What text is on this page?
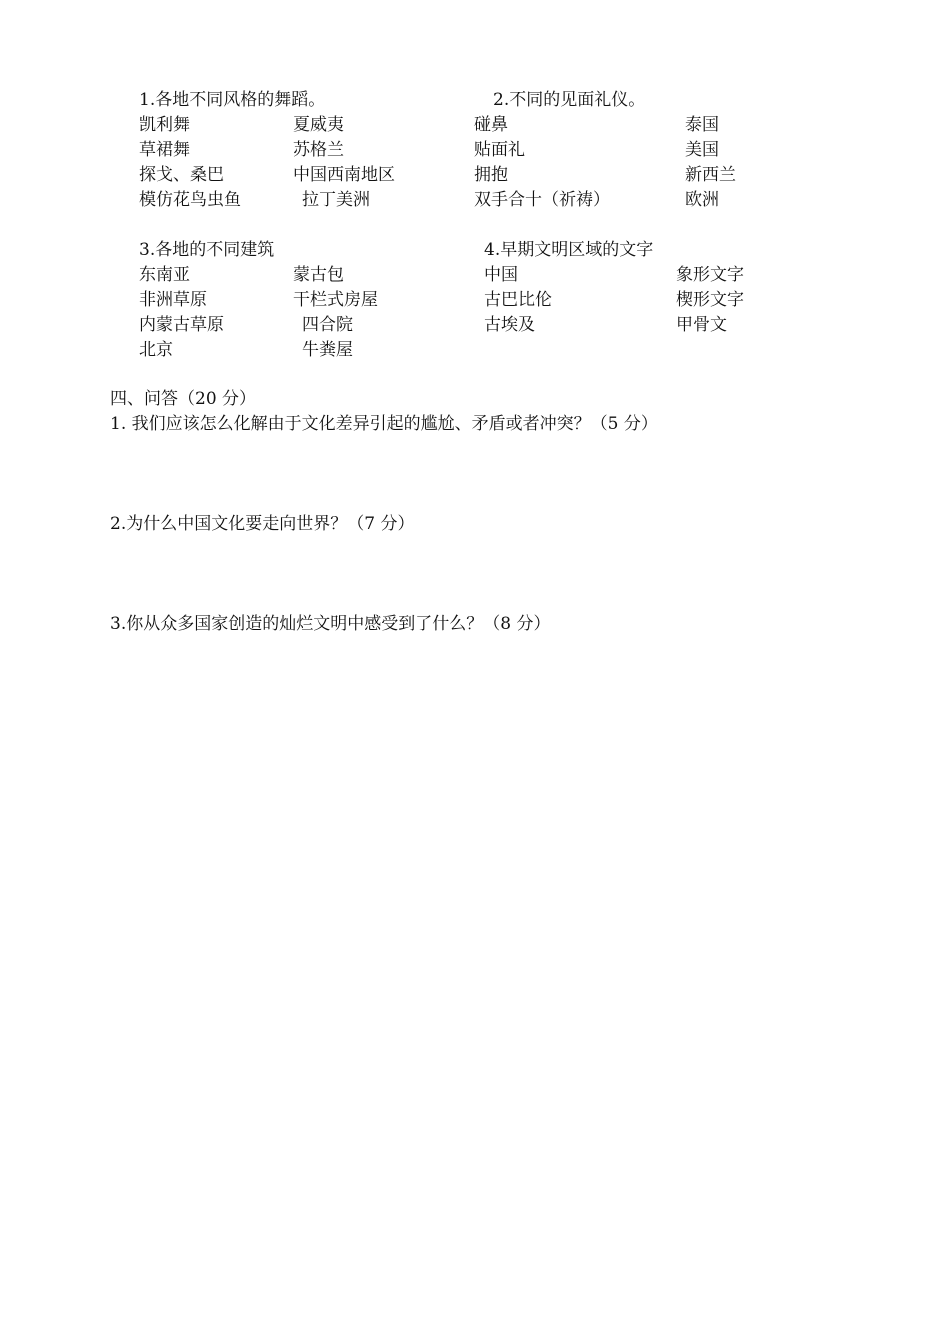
1.各地不同风格的舞蹈。
凯利舞
草裙舞
探戈、桑巴
模仿花鸟虫鱼
夏威夷
苏格兰
中国西南地区
拉丁美洲
2.不同的见面礼仪。
碰鼻
贴面礼
拥抱
双手合十（祈祷）
泰国
美国
新西兰
欧洲
3.各地的不同建筑
东南亚
非洲草原
内蒙古草原
北京
蒙古包
干栏式房屋
四合院
牛粪屋
4.早期文明区域的文字
中国
古巴比伦
古埃及
象形文字
楔形文字
甲骨文
四、问答（20 分）
1. 我们应该怎么化解由于文化差异引起的尴尬、矛盾或者冲突？（5 分）
2.为什么中国文化要走向世界？（7 分）
3.你从众多国家创造的灿烂文明中感受到了什么？（8 分）
